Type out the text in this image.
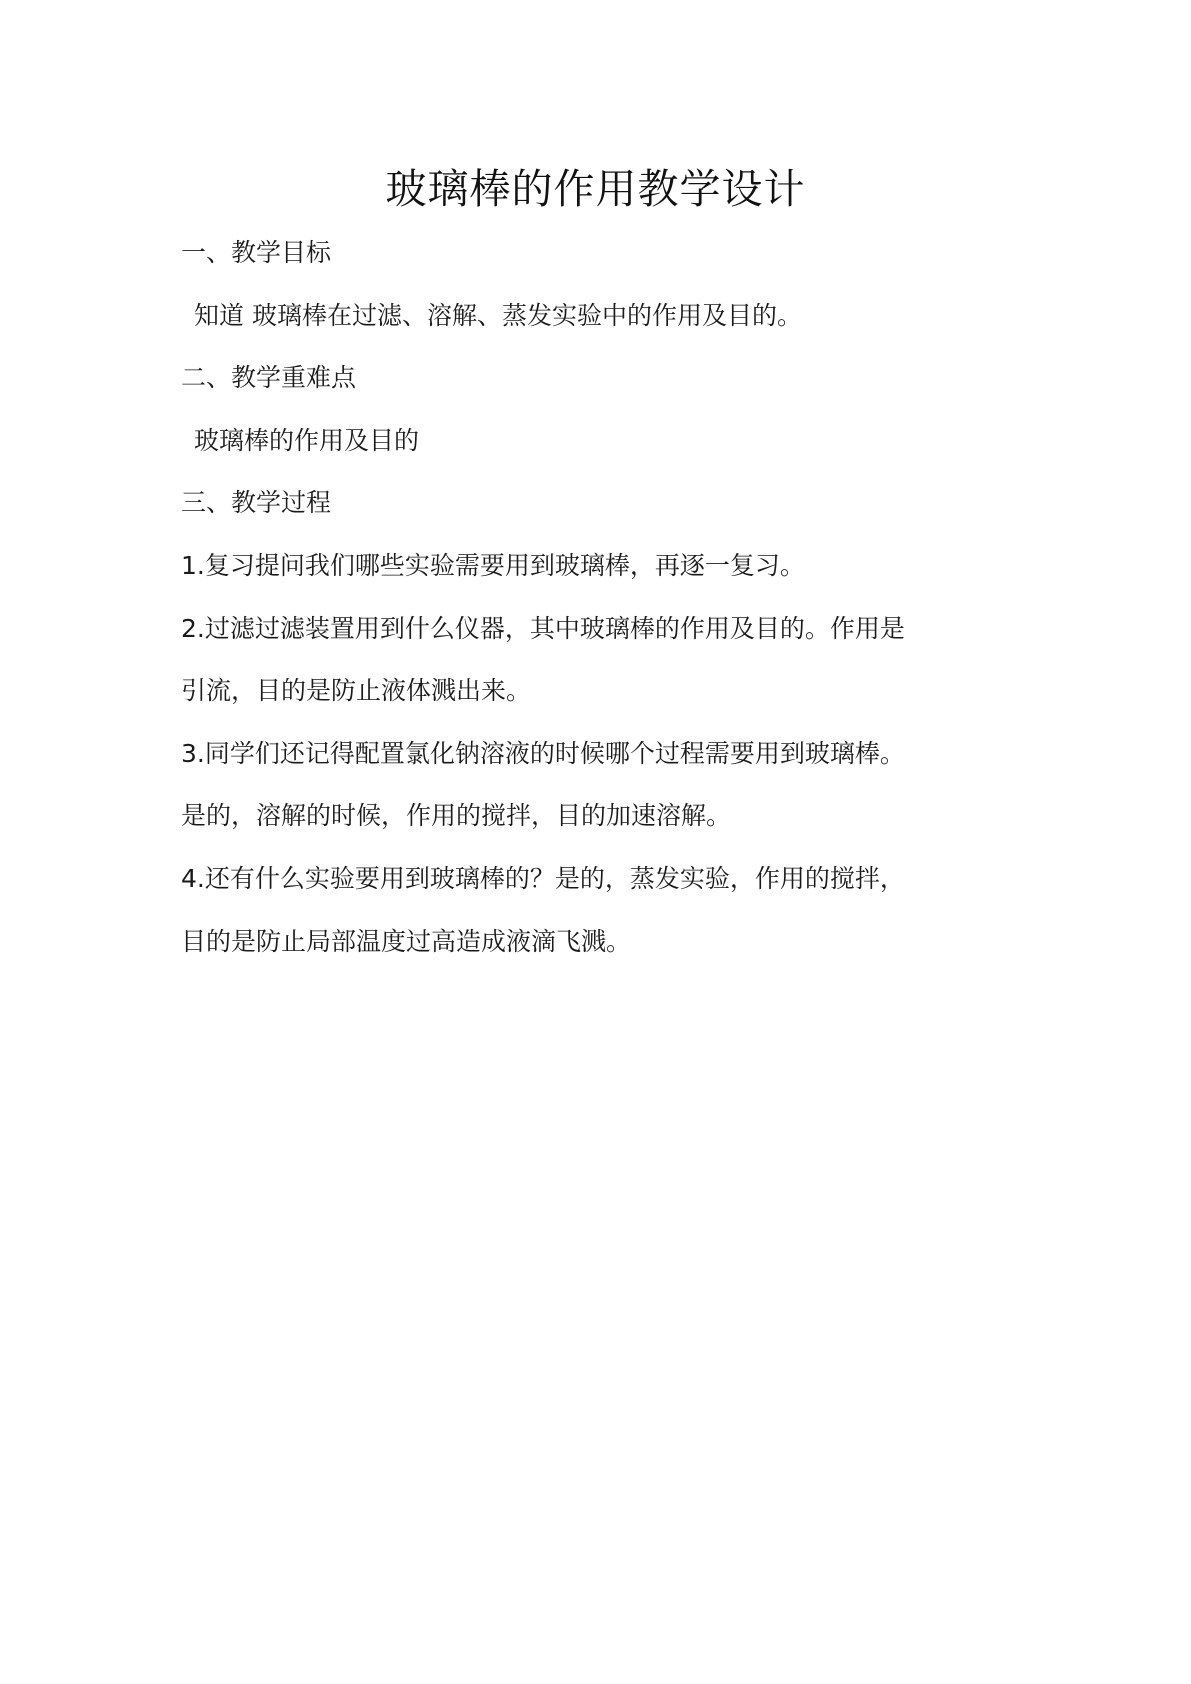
玻璃棒的作用教学设计
一、教学目标
知道 玻璃棒在过滤、溶解、蒸发实验中的作用及目的。
二、教学重难点
玻璃棒的作用及目的
三、教学过程
1.复习提问我们哪些实验需要用到玻璃棒，再逐一复习。
2.过滤过滤装置用到什么仪器，其中玻璃棒的作用及目的。作用是
引流，目的是防止液体溅出来。
3.同学们还记得配置氯化钠溶液的时候哪个过程需要用到玻璃棒。
是的，溶解的时候，作用的搅拌，目的加速溶解。
4.还有什么实验要用到玻璃棒的？是的，蒸发实验，作用的搅拌，
目的是防止局部温度过高造成液滴飞溅。
